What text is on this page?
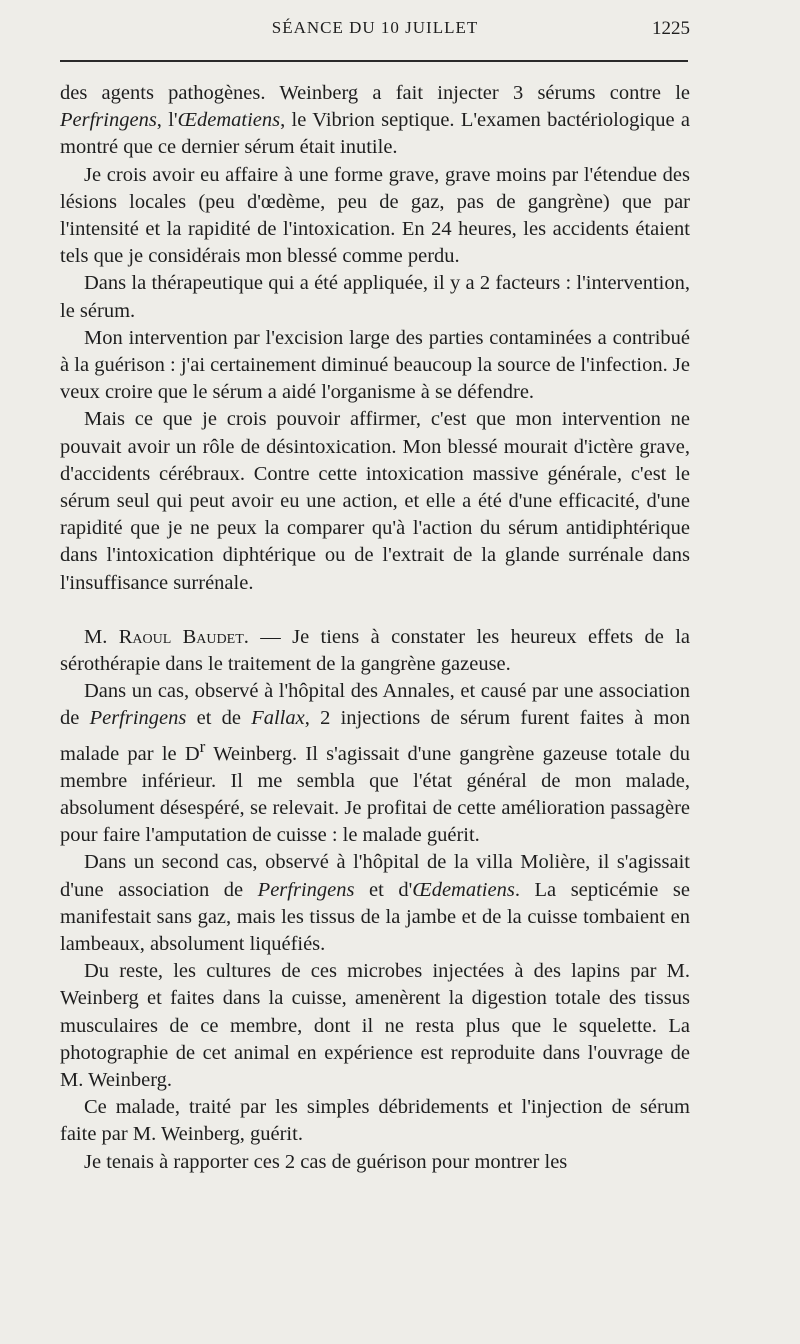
SÉANCE DU 10 JUILLET	1225

des agents pathogènes. Weinberg a fait injecter 3 sérums contre le Perfringens, l'Œdematiens, le Vibrion septique. L'examen bactériologique a montré que ce dernier sérum était inutile.

Je crois avoir eu affaire à une forme grave, grave moins par l'étendue des lésions locales (peu d'œdème, peu de gaz, pas de gangrène) que par l'intensité et la rapidité de l'intoxication. En 24 heures, les accidents étaient tels que je considérais mon blessé comme perdu.

Dans la thérapeutique qui a été appliquée, il y a 2 facteurs : l'intervention, le sérum.

Mon intervention par l'excision large des parties contaminées a contribué à la guérison : j'ai certainement diminué beaucoup la source de l'infection. Je veux croire que le sérum a aidé l'organisme à se défendre.

Mais ce que je crois pouvoir affirmer, c'est que mon intervention ne pouvait avoir un rôle de désintoxication. Mon blessé mourait d'ictère grave, d'accidents cérébraux. Contre cette intoxication massive générale, c'est le sérum seul qui peut avoir eu une action, et elle a été d'une efficacité, d'une rapidité que je ne peux la comparer qu'à l'action du sérum antidiphtérique dans l'intoxication diphtérique ou de l'extrait de la glande surrénale dans l'insuffisance surrénale.

M. Raoul Baudet. — Je tiens à constater les heureux effets de la sérothérapie dans le traitement de la gangrène gazeuse.

Dans un cas, observé à l'hôpital des Annales, et causé par une association de Perfringens et de Fallax, 2 injections de sérum furent faites à mon malade par le $D^r$ Weinberg. Il s'agissait d'une gangrène gazeuse totale du membre inférieur. Il me sembla que l'état général de mon malade, absolument désespéré, se relevait. Je profitai de cette amélioration passagère pour faire l'amputation de cuisse : le malade guérit.

Dans un second cas, observé à l'hôpital de la villa Molière, il s'agissait d'une association de Perfringens et d'Œdematiens. La septicémie se manifestait sans gaz, mais les tissus de la jambe et de la cuisse tombaient en lambeaux, absolument liquéfiés.

Du reste, les cultures de ces microbes injectées à des lapins par M. Weinberg et faites dans la cuisse, amenèrent la digestion totale des tissus musculaires de ce membre, dont il ne resta plus que le squelette. La photographie de cet animal en expérience est reproduite dans l'ouvrage de M. Weinberg.

Ce malade, traité par les simples débridements et l'injection de sérum faite par M. Weinberg, guérit.

Je tenais à rapporter ces 2 cas de guérison pour montrer les
